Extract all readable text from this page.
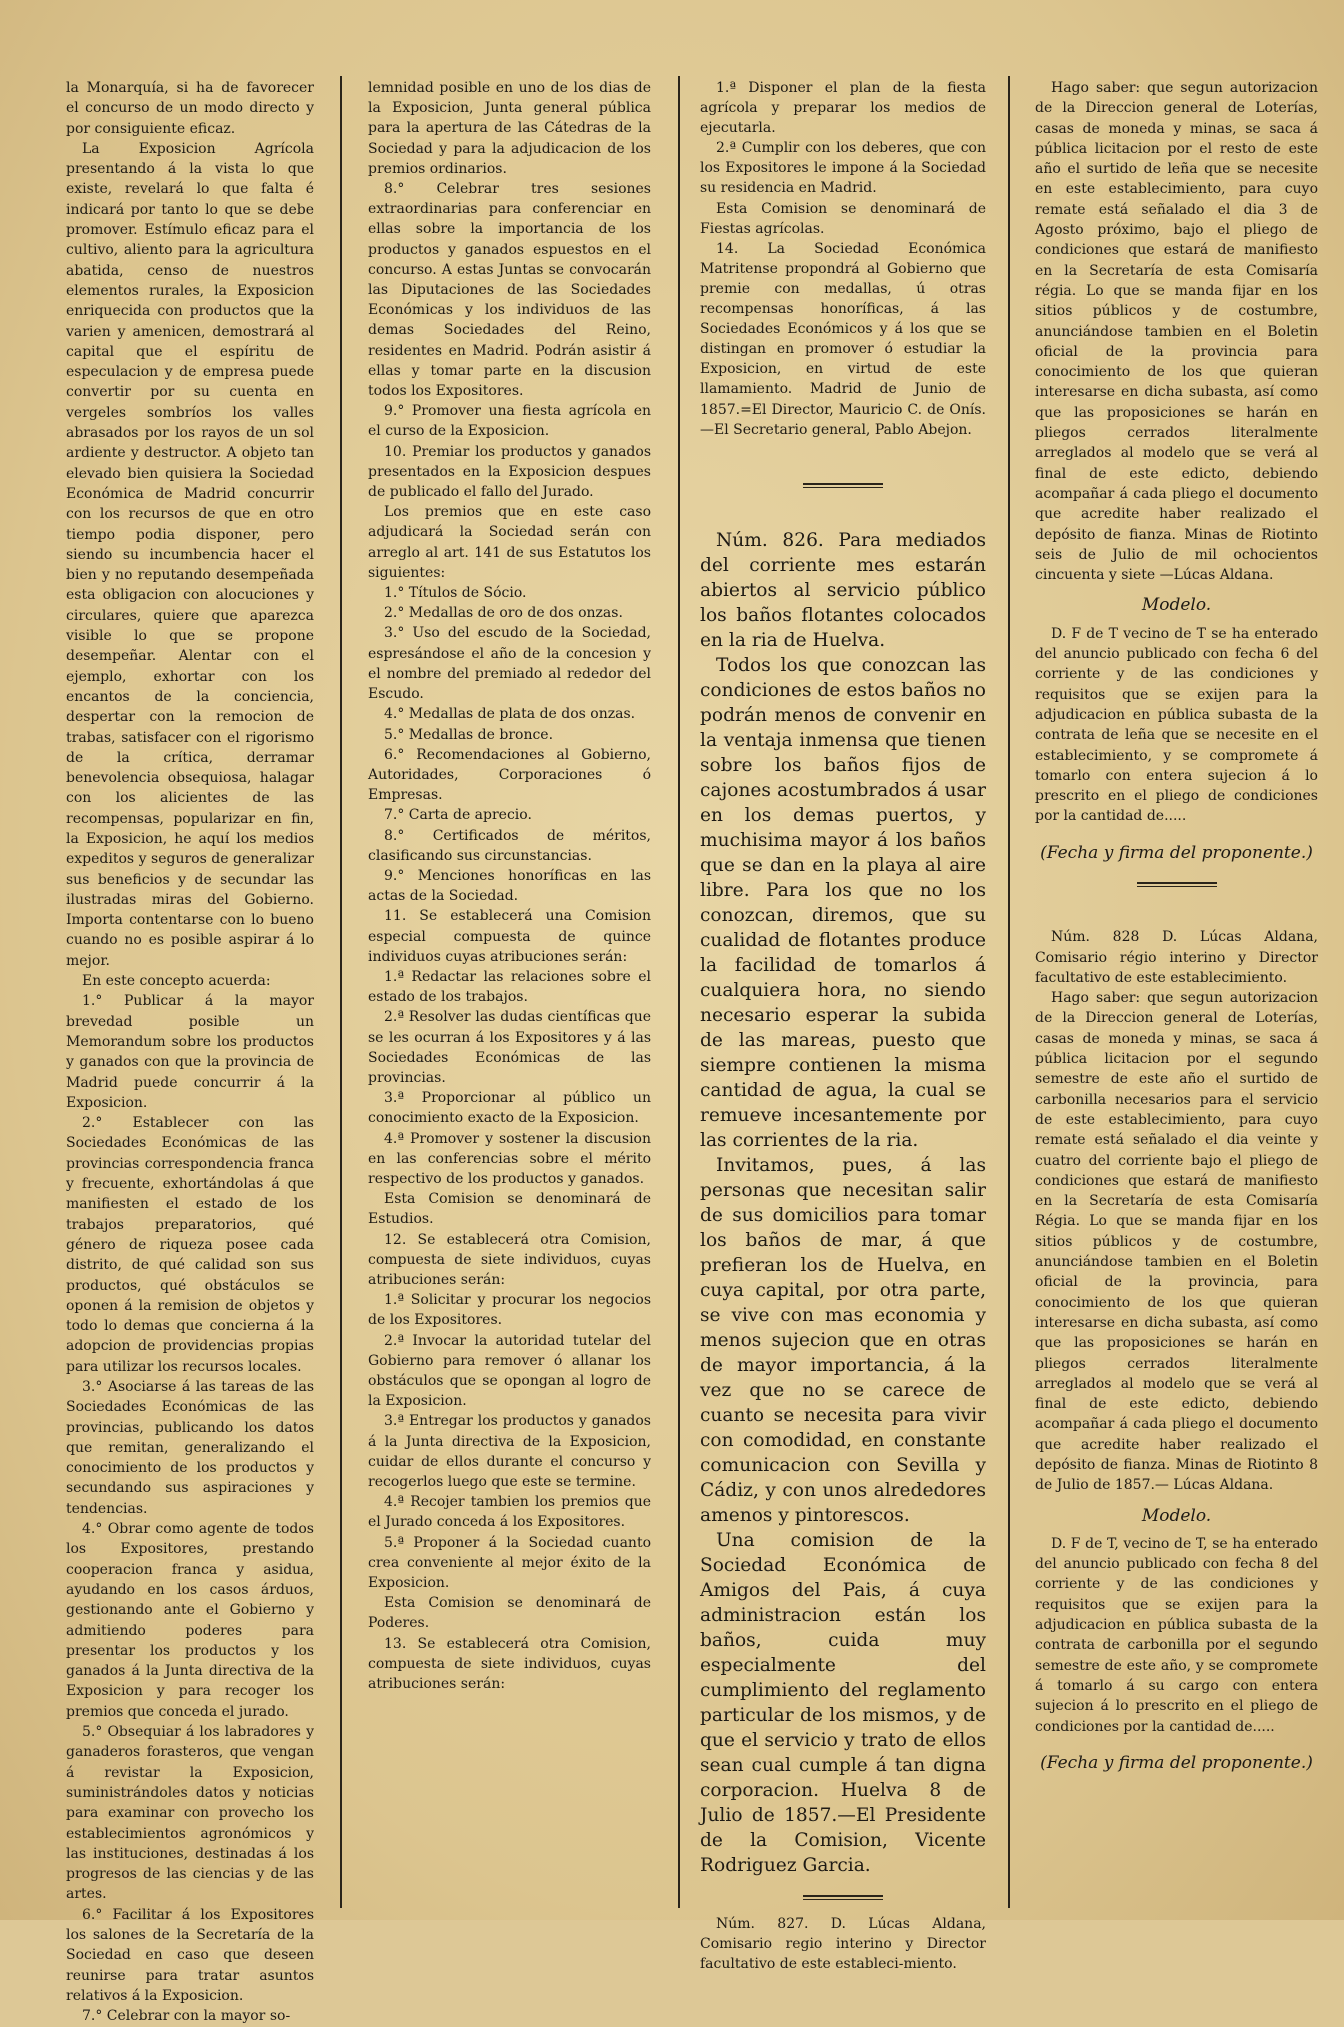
la Monarquía, si ha de favorecer el concurso de un modo directo y por consiguiente eficaz.

La Exposicion Agrícola presentando á la vista lo que existe, revelará lo que falta é indicará por tanto lo que se debe promover. Estímulo eficaz para el cultivo, aliento para la agricultura abatida, censo de nuestros elementos rurales, la Exposicion enriquecida con productos que la varien y amenicen, demostrará al capital que el espíritu de especulacion y de empresa puede convertir por su cuenta en vergeles sombríos los valles abrasados por los rayos de un sol ardiente y destructor. A objeto tan elevado bien quisiera la Sociedad Económica de Madrid concurrir con los recursos de que en otro tiempo podia disponer, pero siendo su incumbencia hacer el bien y no reputando desempeñada esta obligacion con alocuciones y circulares, quiere que aparezca visible lo que se propone desempeñar. Alentar con el ejemplo, exhortar con los encantos de la conciencia, despertar con la remocion de trabas, satisfacer con el rigorismo de la crítica, derramar benevolencia obsequiosa, halagar con los alicientes de las recompensas, popularizar en fin, la Exposicion, he aquí los medios expeditos y seguros de generalizar sus beneficios y de secundar las ilustradas miras del Gobierno. Importa contentarse con lo bueno cuando no es posible aspirar á lo mejor.

En este concepto acuerda:

1.° Publicar á la mayor brevedad posible un Memorandum sobre los productos y ganados con que la provincia de Madrid puede concurrir á la Exposicion.

2.° Establecer con las Sociedades Económicas de las provincias correspondencia franca y frecuente, exhortándolas á que manifiesten el estado de los trabajos preparatorios, qué género de riqueza posee cada distrito, de qué calidad son sus productos, qué obstáculos se oponen á la remision de objetos y todo lo demas que concierna á la adopcion de providencias propias para utilizar los recursos locales.

3.° Asociarse á las tareas de las Sociedades Económicas de las provincias, publicando los datos que remitan, generalizando el conocimiento de los productos y secundando sus aspiraciones y tendencias.

4.° Obrar como agente de todos los Expositores, prestando cooperacion franca y asidua, ayudando en los casos árduos, gestionando ante el Gobierno y admitiendo poderes para presentar los productos y los ganados á la Junta directiva de la Exposicion y para recoger los premios que conceda el jurado.

5.° Obsequiar á los labradores y ganaderos forasteros, que vengan á revistar la Exposicion, suministrándoles datos y noticias para examinar con provecho los establecimientos agronómicos y las instituciones, destinadas á los progresos de las ciencias y de las artes.

6.° Facilitar á los Expositores los salones de la Secretaría de la Sociedad en caso que deseen reunirse para tratar asuntos relativos á la Exposicion.

7.° Celebrar con la mayor so-

lemnidad posible en uno de los dias de la Exposicion, Junta general pública para la apertura de las Cátedras de la Sociedad y para la adjudicacion de los premios ordinarios.

8.° Celebrar tres sesiones extraordinarias para conferenciar en ellas sobre la importancia de los productos y ganados espuestos en el concurso. A estas Juntas se convocarán las Diputaciones de las Sociedades Económicas y los individuos de las demas Sociedades del Reino, residentes en Madrid. Podrán asistir á ellas y tomar parte en la discusion todos los Expositores.

9.° Promover una fiesta agrícola en el curso de la Exposicion.

10. Premiar los productos y ganados presentados en la Exposicion despues de publicado el fallo del Jurado.

Los premios que en este caso adjudicará la Sociedad serán con arreglo al art. 141 de sus Estatutos los siguientes:

1.° Títulos de Sócio.

2.° Medallas de oro de dos onzas.

3.° Uso del escudo de la Sociedad, espresándose el año de la concesion y el nombre del premiado al rededor del Escudo.

4.° Medallas de plata de dos onzas.

5.° Medallas de bronce.

6.° Recomendaciones al Gobierno, Autoridades, Corporaciones ó Empresas.

7.° Carta de aprecio.

8.° Certificados de méritos, clasificando sus circunstancias.

9.° Menciones honoríficas en las actas de la Sociedad.

11. Se establecerá una Comision especial compuesta de quince individuos cuyas atribuciones serán:

1.ª Redactar las relaciones sobre el estado de los trabajos.

2.ª Resolver las dudas científicas que se les ocurran á los Expositores y á las Sociedades Económicas de las provincias.

3.ª Proporcionar al público un conocimiento exacto de la Exposicion.

4.ª Promover y sostener la discusion en las conferencias sobre el mérito respectivo de los productos y ganados.

Esta Comision se denominará de Estudios.

12. Se establecerá otra Comision, compuesta de siete individuos, cuyas atribuciones serán:

1.ª Solicitar y procurar los negocios de los Expositores.

2.ª Invocar la autoridad tutelar del Gobierno para remover ó allanar los obstáculos que se opongan al logro de la Exposicion.

3.ª Entregar los productos y ganados á la Junta directiva de la Exposicion, cuidar de ellos durante el concurso y recogerlos luego que este se termine.

4.ª Recojer tambien los premios que el Jurado conceda á los Expositores.

5.ª Proponer á la Sociedad cuanto crea conveniente al mejor éxito de la Exposicion.

Esta Comision se denominará de Poderes.

13. Se establecerá otra Comision, compuesta de siete individuos, cuyas atribuciones serán:

1.ª Disponer el plan de la fiesta agrícola y preparar los medios de ejecutarla.

2.ª Cumplir con los deberes, que con los Expositores le impone á la Sociedad su residencia en Madrid.

Esta Comision se denominará de Fiestas agrícolas.

14. La Sociedad Económica Matritense propondrá al Gobierno que premie con medallas, ú otras recompensas honoríficas, á las Sociedades Económicos y á los que se distingan en promover ó estudiar la Exposicion, en virtud de este llamamiento. Madrid de Junio de 1857.=El Director, Mauricio C. de Onís.—El Secretario general, Pablo Abejon.

Núm. 826. Para mediados del corriente mes estarán abiertos al servicio público los baños flotantes colocados en la ria de Huelva.

Todos los que conozcan las condiciones de estos baños no podrán menos de convenir en la ventaja inmensa que tienen sobre los baños fijos de cajones acostumbrados á usar en los demas puertos, y muchisima mayor á los baños que se dan en la playa al aire libre. Para los que no los conozcan, diremos, que su cualidad de flotantes produce la facilidad de tomarlos á cualquiera hora, no siendo necesario esperar la subida de las mareas, puesto que siempre contienen la misma cantidad de agua, la cual se remueve incesantemente por las corrientes de la ria.

Invitamos, pues, á las personas que necesitan salir de sus domicilios para tomar los baños de mar, á que prefieran los de Huelva, en cuya capital, por otra parte, se vive con mas economia y menos sujecion que en otras de mayor importancia, á la vez que no se carece de cuanto se necesita para vivir con comodidad, en constante comunicacion con Sevilla y Cádiz, y con unos alrededores amenos y pintorescos.

Una comision de la Sociedad Económica de Amigos del Pais, á cuya administracion están los baños, cuida muy especialmente del cumplimiento del reglamento particular de los mismos, y de que el servicio y trato de ellos sean cual cumple á tan digna corporacion. Huelva 8 de Julio de 1857.—El Presidente de la Comision, Vicente Rodriguez Garcia.

Núm. 827. D. Lúcas Aldana, Comisario regio interino y Director facultativo de este estableci-miento.

Hago saber: que segun autorizacion de la Direccion general de Loterías, casas de moneda y minas, se saca á pública licitacion por el resto de este año el surtido de leña que se necesite en este establecimiento, para cuyo remate está señalado el dia 3 de Agosto próximo, bajo el pliego de condiciones que estará de manifiesto en la Secretaría de esta Comisaría régia. Lo que se manda fijar en los sitios públicos y de costumbre, anunciándose tambien en el Boletin oficial de la provincia para conocimiento de los que quieran interesarse en dicha subasta, así como que las proposiciones se harán en pliegos cerrados literalmente arreglados al modelo que se verá al final de este edicto, debiendo acompañar á cada pliego el documento que acredite haber realizado el depósito de fianza. Minas de Riotinto seis de Julio de mil ochocientos cincuenta y siete —Lúcas Aldana.

Modelo.

D. F de T vecino de T se ha enterado del anuncio publicado con fecha 6 del corriente y de las condiciones y requisitos que se exijen para la adjudicacion en pública subasta de la contrata de leña que se necesite en el establecimiento, y se compromete á tomarlo con entera sujecion á lo prescrito en el pliego de condiciones por la cantidad de.....

(Fecha y firma del proponente.)

Núm. 828 D. Lúcas Aldana, Comisario régio interino y Director facultativo de este establecimiento.

Hago saber: que segun autorizacion de la Direccion general de Loterías, casas de moneda y minas, se saca á pública licitacion por el segundo semestre de este año el surtido de carbonilla necesarios para el servicio de este establecimiento, para cuyo remate está señalado el dia veinte y cuatro del corriente bajo el pliego de condiciones que estará de manifiesto en la Secretaría de esta Comisaría Régia. Lo que se manda fijar en los sitios públicos y de costumbre, anunciándose tambien en el Boletin oficial de la provincia, para conocimiento de los que quieran interesarse en dicha subasta, así como que las proposiciones se harán en pliegos cerrados literalmente arreglados al modelo que se verá al final de este edicto, debiendo acompañar á cada pliego el documento que acredite haber realizado el depósito de fianza. Minas de Riotinto 8 de Julio de 1857.— Lúcas Aldana.

Modelo.

D. F de T, vecino de T, se ha enterado del anuncio publicado con fecha 8 del corriente y de las condiciones y requisitos que se exijen para la adjudicacion en pública subasta de la contrata de carbonilla por el segundo semestre de este año, y se compromete á tomarlo á su cargo con entera sujecion á lo prescrito en el pliego de condiciones por la cantidad de.....

(Fecha y firma del proponente.)
